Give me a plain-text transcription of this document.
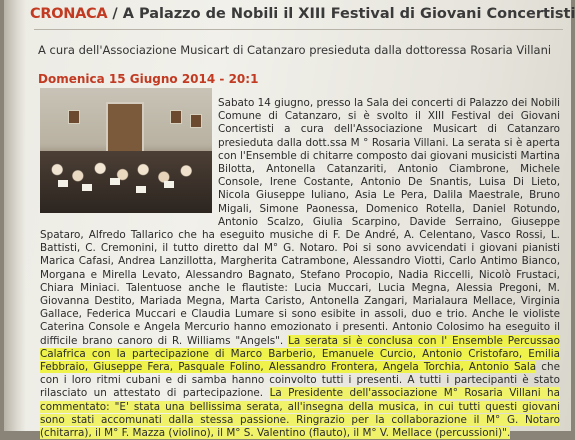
CRONACA / A Palazzo de Nobili il XIII Festival di Giovani Concertisti
A cura dell'Associazione Musicart di Catanzaro presieduta dalla dottoressa Rosaria Villani
Domenica 15 Giugno 2014 - 20:1
Sabato 14 giugno, presso la Sala dei concerti di Palazzo dei Nobili Comune di Catanzaro, si è svolto il XIII Festival dei Giovani Concertisti a cura dell'Associazione Musicart di Catanzaro presieduta dalla dott.ssa M ° Rosaria Villani. La serata si è aperta con l'Ensemble di chitarre composto dai giovani musicisti Martina Bilotta, Antonella Catanzariti, Antonio Ciambrone, Michele Console, Irene Costante, Antonio De Snantis, Luisa Di Lieto, Nicola Giuseppe Iuliano, Asia Le Pera, Dalila Maestrale, Bruno Migali, Simone Paonessa, Domenico Rotella, Daniel Rotundo, Antonio Scalzo, Giulia Scarpino, Davide Serraino, Giuseppe Spataro, Alfredo Tallarico che ha eseguito musiche di F. De André, A. Celentano, Vasco Rossi, L. Battisti, C. Cremonini, il tutto diretto dal M° G. Notaro. Poi si sono avvicendati i giovani pianisti Marica Cafasi, Andrea Lanzillotta, Margherita Catrambone, Alessandro Viotti, Carlo Antimo Bianco, Morgana e Mirella Levato, Alessandro Bagnato, Stefano Procopio, Nadia Riccelli, Nicolò Frustaci, Chiara Miniaci. Talentuose anche le flautiste: Lucia Muccari, Lucia Megna, Alessia Pregoni, M. Giovanna Destito, Mariada Megna, Marta Caristo, Antonella Zangari, Marialaura Mellace, Virginia Gallace, Federica Muccari e Claudia Lumare si sono esibite in assoli, duo e trio. Anche le violiste Caterina Console e Angela Mercurio hanno emozionato i presenti. Antonio Colosimo ha eseguito il difficile brano canoro di R. Williams "Angels". La serata si è conclusa con l' Ensemble Percussao Calafrica con la partecipazione di Marco Barberio, Emanuele Curcio, Antonio Cristofaro, Emilia Febbraio, Giuseppe Fera, Pasquale Folino, Alessandro Frontera, Angela Torchia, Antonio Sala che con i loro ritmi cubani e di samba hanno coinvolto tutti i presenti. A tutti i partecipanti è stato rilasciato un attestato di partecipazione. La Presidente dell'associazione M° Rosaria Villani ha commentato: "E' stata una bellissima serata, all'insegna della musica, in cui tutti questi giovani sono stati accomunati dalla stessa passione. Ringrazio per la collaborazione il M° G. Notaro (chitarra), il M° F. Mazza (violino), il M° S. Valentino (flauto), il M° V. Mellace (percussioni)".
